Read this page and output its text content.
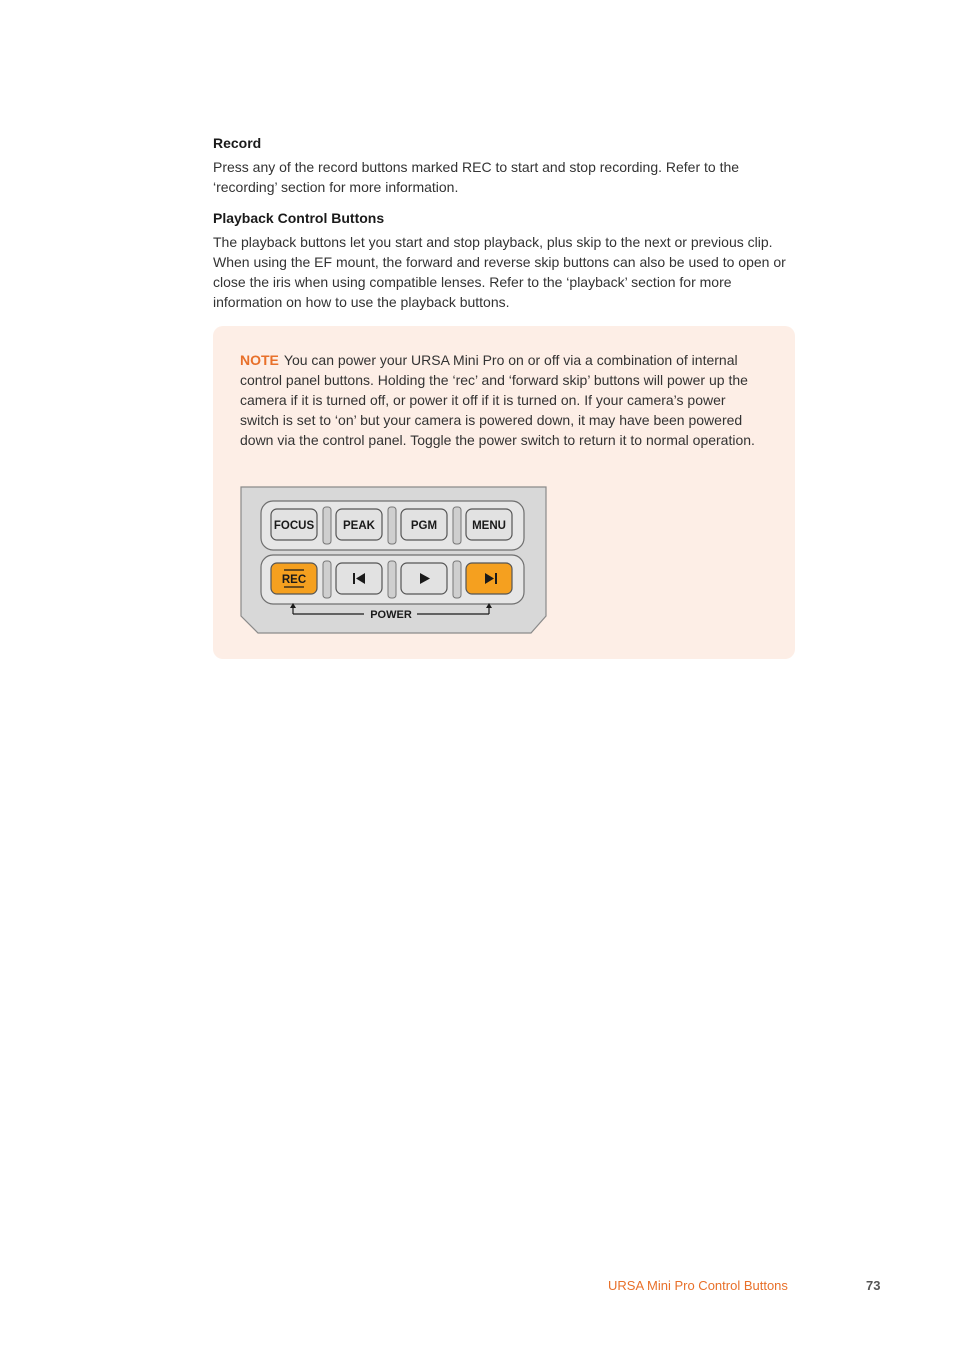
Record

Press any of the record buttons marked REC to start and stop recording. Refer to the ‘recording’ section for more information.

Playback Control Buttons

The playback buttons let you start and stop playback, plus skip to the next or previous clip. When using the EF mount, the forward and reverse skip buttons can also be used to open or close the iris when using compatible lenses. Refer to the ‘playback’ section for more information on how to use the playback buttons.

NOTE You can power your URSA Mini Pro on or off via a combination of internal control panel buttons. Holding the ‘rec’ and ‘forward skip’ buttons will power up the camera if it is turned off, or power it off if it is turned on. If your camera’s power switch is set to ‘on’ but your camera is powered down, it may have been powered down via the control panel. Toggle the power switch to return it to normal operation.

FOCUS	PEAK	PGM	MENU
REC
POWER
URSA Mini Pro Control Buttons	73
